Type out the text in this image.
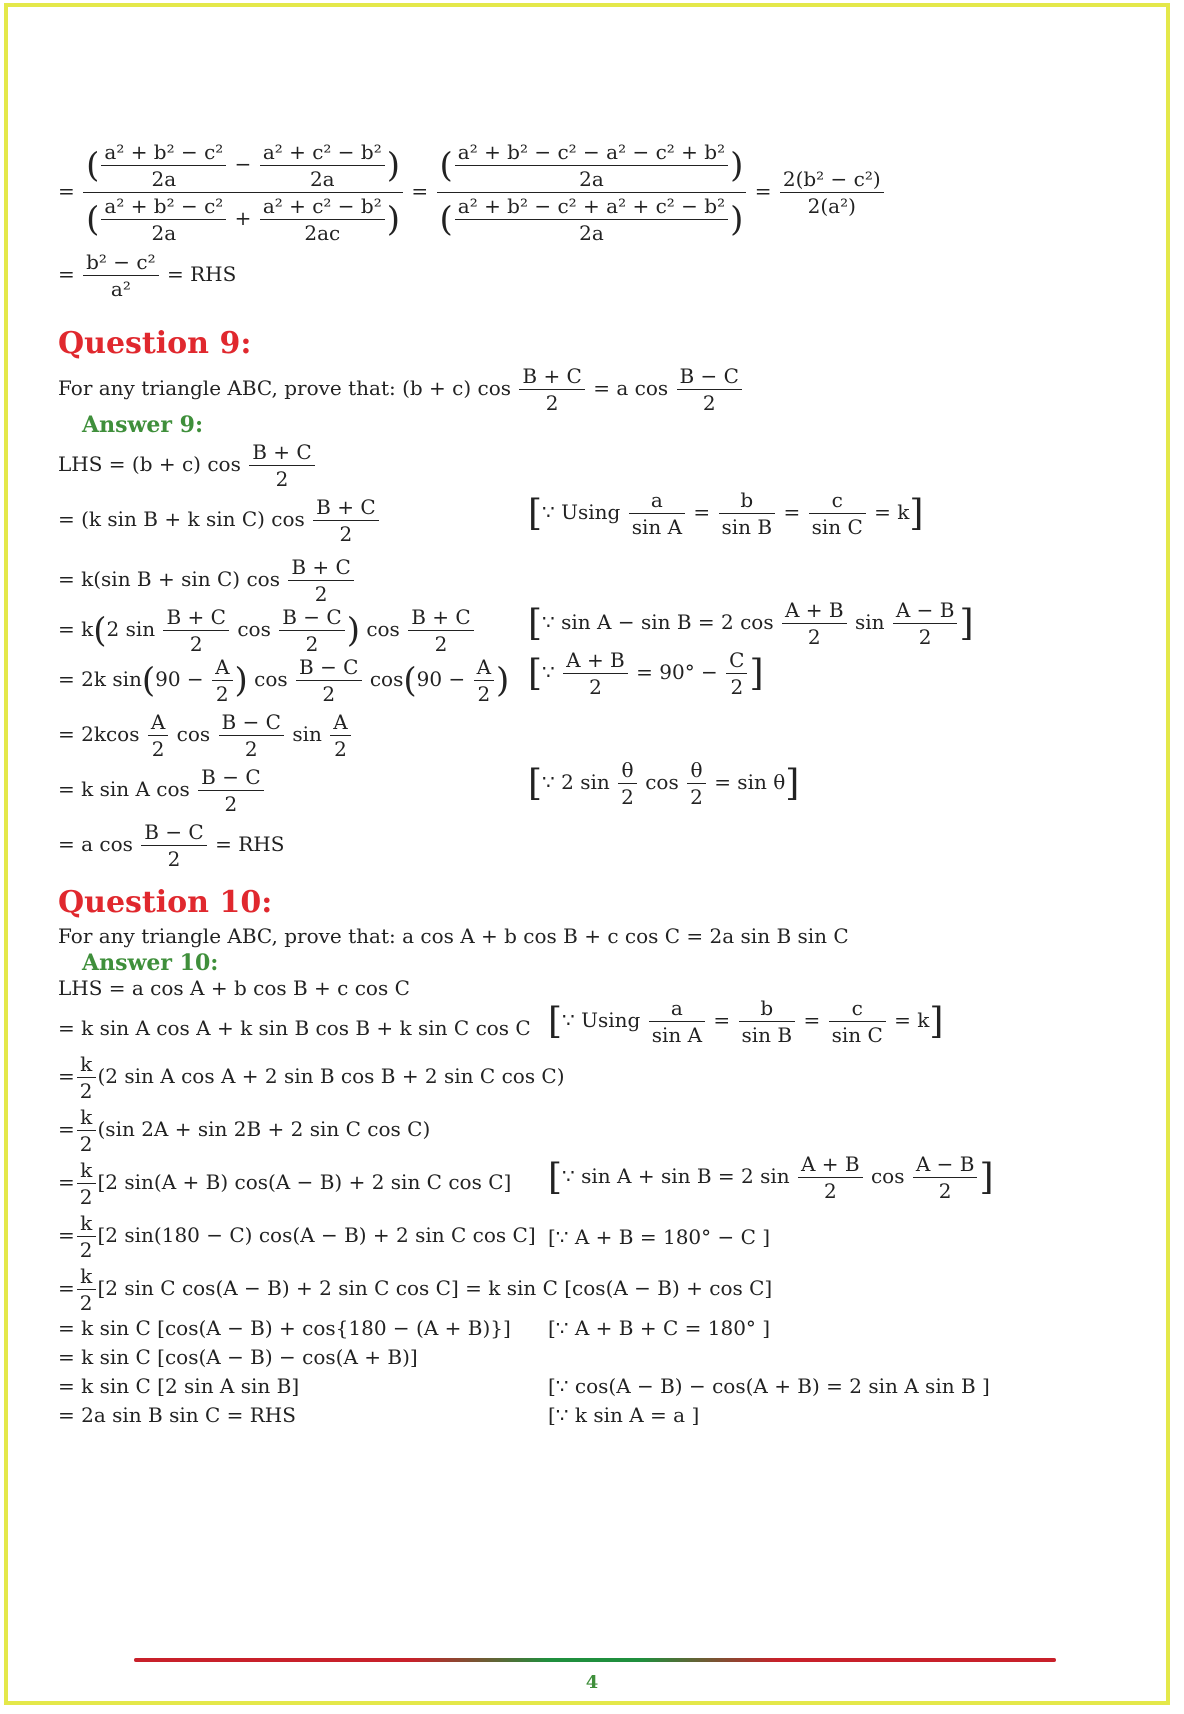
= $\frac{( \frac{\text{a² + b² − c²}}{2a} - \frac{\text{a² + c² − b²}}{2a} )}{( \frac{\text{a² + b² − c²}}{2a} + \frac{\text{a² + c² − b²}}{2ac} )} = \frac{( \frac{\text{a² + b² − c² − a² − c² + b²}}{2a} )}{( \frac{\text{a² + b² − c² + a² + c² − b²}}{2a} )} = \frac{\text{2(b² − c²)}}{\text{2(a²)}}$
= $\frac{\text{b² − c²}}{\text{a²}}$ = RHS
Question 9:
For any triangle ABC, prove that: (b + c) $\cos \frac{B + C}{2} = a$ $\cos \frac{B - C}{2}$
Answer 9:
LHS = (b + c) $\cos \frac{B + C}{2}$
= (k sin B + k sin C) $\cos \frac{B + C}{2}$	[∵ Using $\frac{a}{\text{sin A}} = \frac{b}{\text{sin B}} = \frac{c}{\text{sin C}} = k$]
= k(sin B + sin C) $\cos \frac{B + C}{2}$
= k(2 $\sin \frac{B + C}{2}$ $\cos \frac{B - C}{2}$ ) $\cos \frac{B + C}{2}$ [∵ sin A − sin B = 2 $\cos \frac{A + B}{2}$ $\sin \frac{A - B}{2}$ ]
= 2k $\sin(90 - \frac{A}{2}$ ) $\cos \frac{B - C}{2} \cos(90 - \frac{A}{2}$ ) [∵ $\frac{A + B}{2} = 90^\circ - \frac{C}{2}$ ]
= $2kcos \frac{A}{2}$ $\cos \frac{B - C}{2}$ $\sin \frac{A}{2}$
= k sin A $\cos \frac{B - C}{2}$	[∵ 2 $\sin \frac{\theta}{2}$ $\cos \frac{\theta}{2} = \sin \theta$]
= a $\cos \frac{B - C}{2}$ = RHS
Question 10:
For any triangle ABC, prove that: a cos A + b cos B + c cos C = 2a sin B sin C
Answer 10:
LHS = a cos A + b cos B + c cos C
= k sin A cos A + k sin B cos B + k sin C cos C [∵ Using $\frac{a}{\text{sin A}} = \frac{b}{\text{sin B}} = \frac{c}{\text{sin C}} = k$]
= $\frac{k}{2} (2$ sin A cos A + 2 sin B cos B + 2 sin C cos C)
= $\frac{k}{2} (\sin$ 2A + sin 2B + 2 sin C cos C)
= $\frac{k}{2} [2$ sin(A + B) cos(A − B) + 2 sin C cos C] [∵ sin A + sin B = 2 $\sin \frac{A + B}{2}$ $\cos \frac{A - B}{2}$ ]
= $\frac{k}{2} [2$ sin(180 − C) cos(A − B) + 2 sin C cos C] [∵ A + B = 180° − C ]
= $\frac{k}{2} [2$ sin C cos(A − B) + 2 sin C cos C] = k sin C [cos(A − B) + cos C]
= k sin C [cos(A − B) + cos{180 − (A + B)}] [∵ A + B + C = 180° ]
= k sin C [cos(A − B) − cos(A + B)]
= k sin C [2 sin A sin B]	[∵ cos(A − B) − cos(A + B) = 2 sin A sin B ]
= 2a sin B sin C = RHS	[∵ k sin A = a ]
4
